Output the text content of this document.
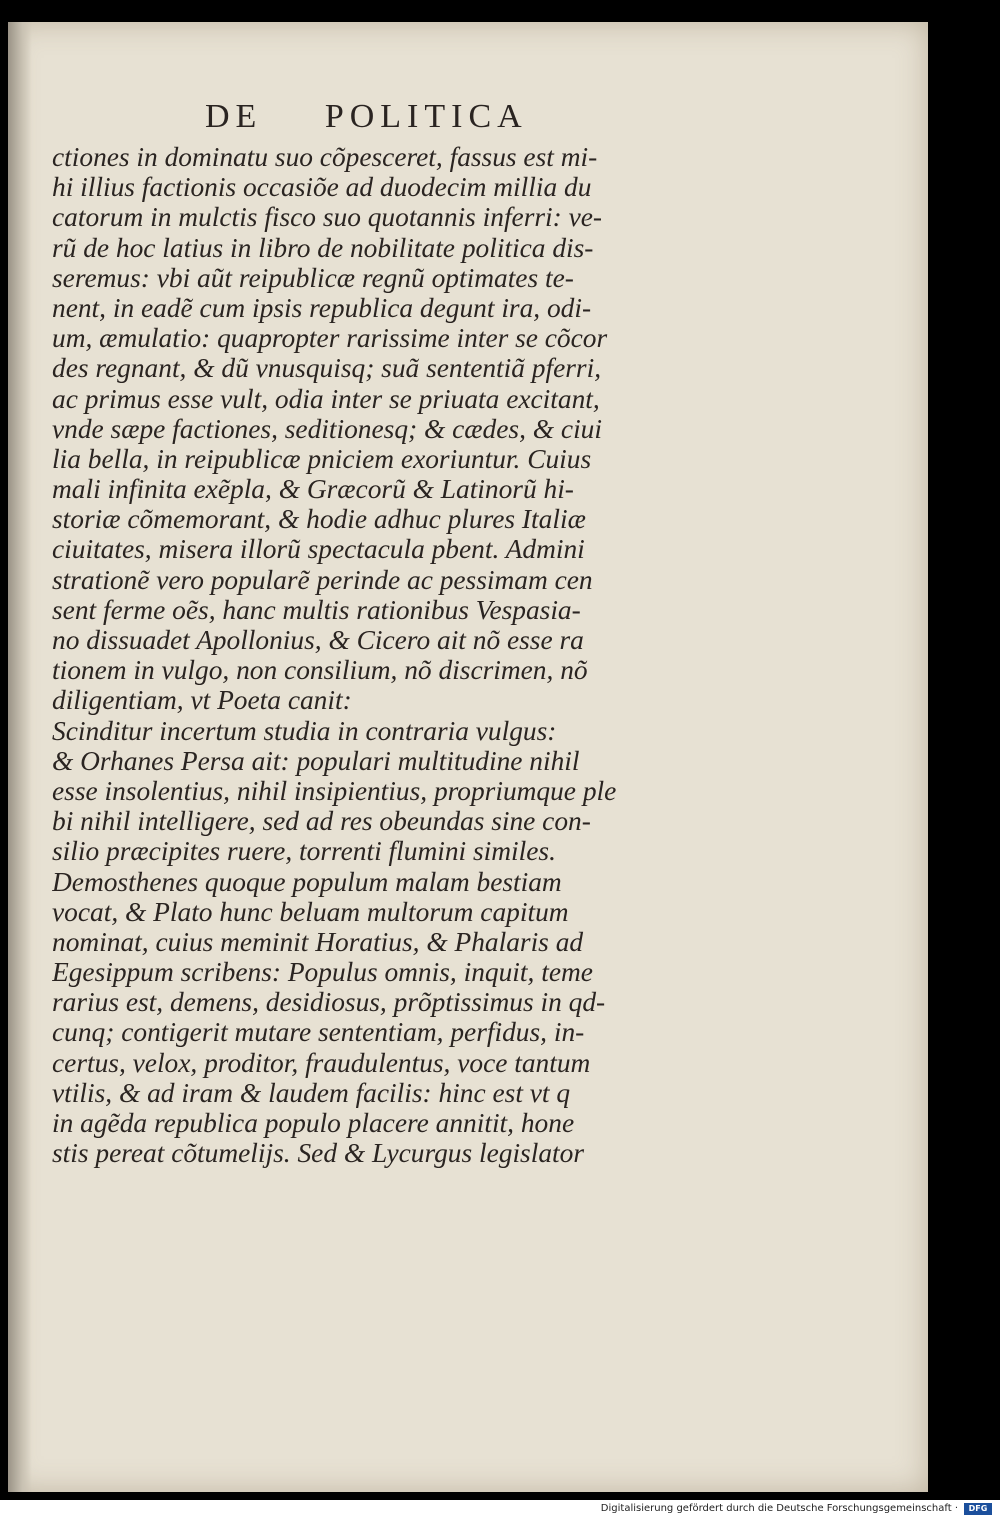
DE POLITICA
ctiones in dominatu suo cõpesceret, fassus est mi-
hi illius factionis occasiõe ad duodecim millia du
catorum in mulctis fisco suo quotannis inferri: ve-
rũ de hoc latius in libro de nobilitate politica dis-
seremus: vbi aũt reipublicæ regnũ optimates te-
nent, in eadẽ cum ipsis republica degunt ira, odi-
um, æmulatio: quapropter rarissime inter se cõcor
des regnant, & dũ vnusquisq; suã sententiã pferri,
ac primus esse vult, odia inter se priuata excitant,
vnde sæpe factiones, seditionesq; & cædes, & ciui
lia bella, in reipublicæ pniciem exoriuntur. Cuius
mali infinita exẽpla, & Græcorũ & Latinorũ hi-
storiæ cõmemorant, & hodie adhuc plures Italiæ
ciuitates, misera illorũ spectacula pbent. Admini
strationẽ vero popularẽ perinde ac pessimam cen
sent ferme oẽs, hanc multis rationibus Vespasia-
no dissuadet Apollonius, & Cicero ait nõ esse ra
tionem in vulgo, non consilium, nõ discrimen, nõ
diligentiam, vt Poeta canit:
Scinditur incertum studia in contraria vulgus:
& Orhanes Persa ait: populari multitudine nihil
esse insolentius, nihil insipientius, propriumque ple
bi nihil intelligere, sed ad res obeundas sine con-
silio præcipites ruere, torrenti flumini similes.
Demosthenes quoque populum malam bestiam
vocat, & Plato hunc beluam multorum capitum
nominat, cuius meminit Horatius, & Phalaris ad
Egesippum scribens: Populus omnis, inquit, teme
rarius est, demens, desidiosus, prõptissimus in qd-
cunq; contigerit mutare sententiam, perfidus, in-
certus, velox, proditor, fraudulentus, voce tantum
vtilis, & ad iram & laudem facilis: hinc est vt q
in agẽda republica populo placere annitit, hone
stis pereat cõtumelijs. Sed & Lycurgus legislator
Digitalisierung gefördert durch die Deutsche Forschungsgemeinschaft ·	DFG
